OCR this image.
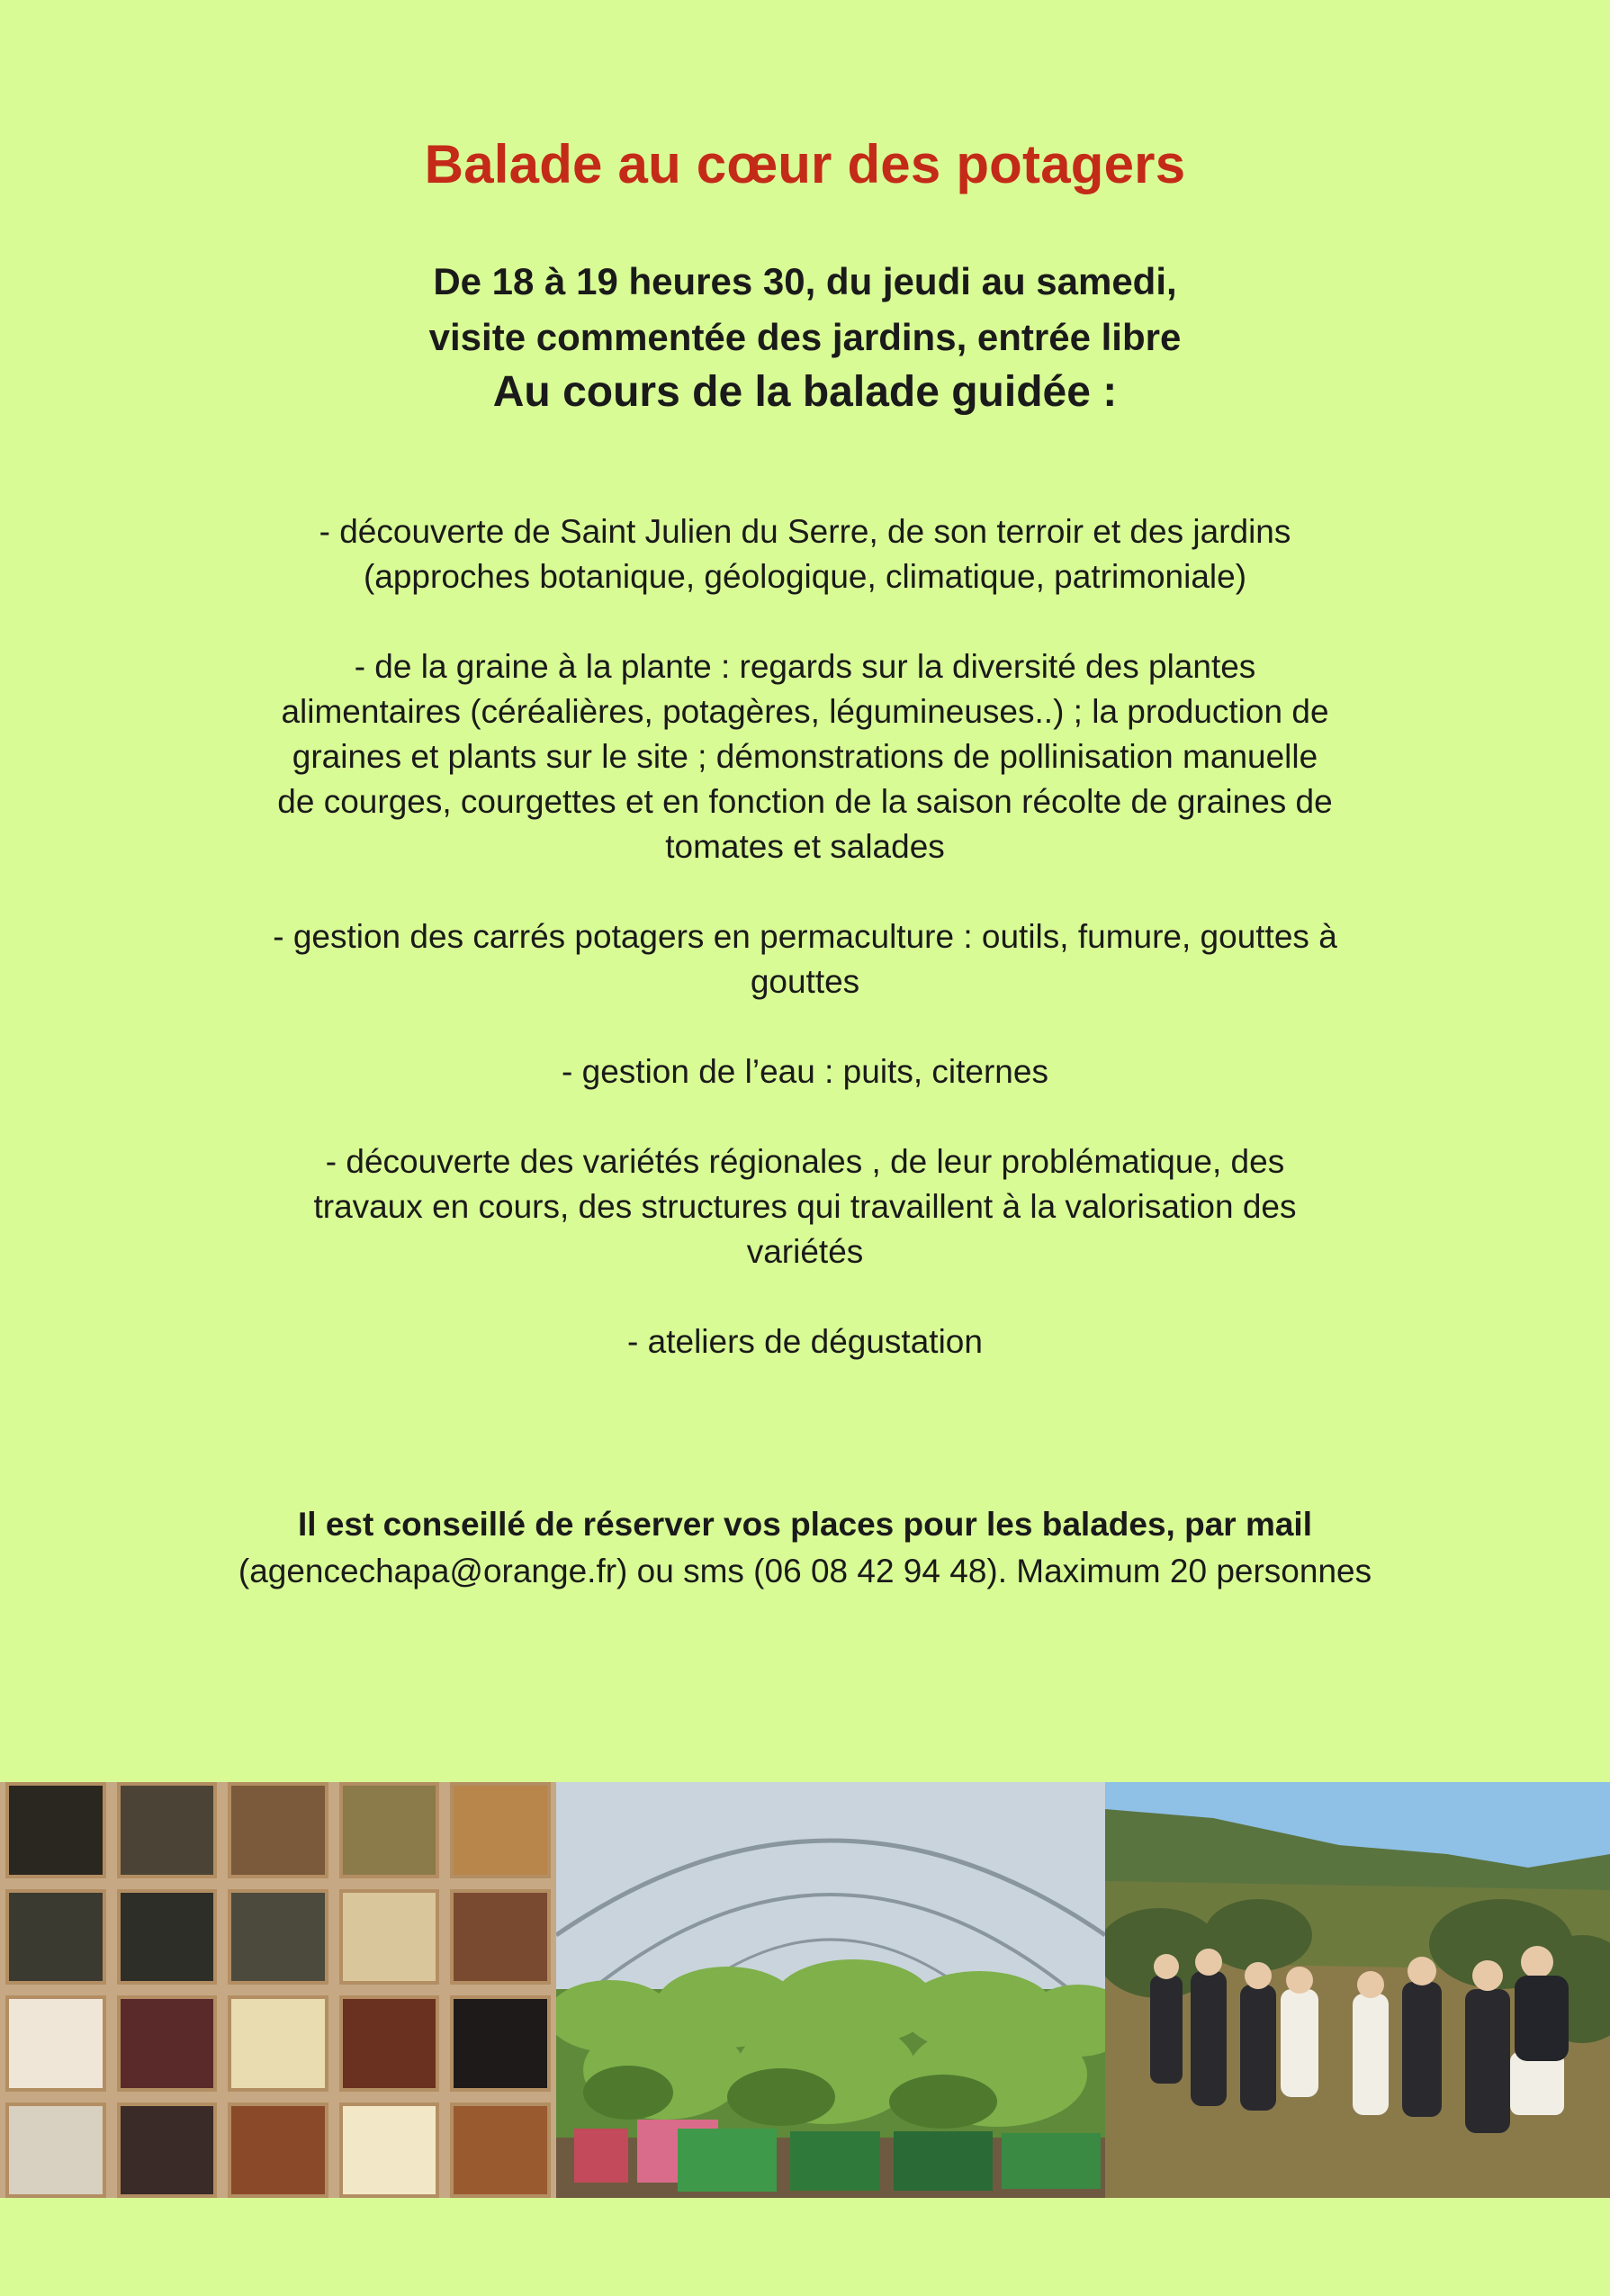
Balade au cœur des potagers
De 18 à 19 heures 30, du jeudi au samedi,
visite commentée des jardins, entrée libre
Au cours de la balade guidée :

- découverte de Saint Julien du Serre, de son terroir et des jardins (approches botanique, géologique, climatique, patrimoniale)

- de la graine à la plante : regards sur la diversité des plantes alimentaires (céréalières, potagères, légumineuses..) ; la production de graines et plants sur le site ; démonstrations de pollinisation manuelle de courges, courgettes et en fonction de la saison récolte de graines de tomates et salades

- gestion des carrés potagers en permaculture : outils, fumure, gouttes à gouttes

- gestion de l’eau : puits, citernes

- découverte des variétés régionales , de leur problématique, des travaux en cours, des structures qui travaillent à la valorisation des variétés

- ateliers de dégustation

Il est conseillé de réserver vos places pour les balades, par mail
(agencechapa@orange.fr) ou sms (06 08 42 94 48). Maximum 20 personnes
